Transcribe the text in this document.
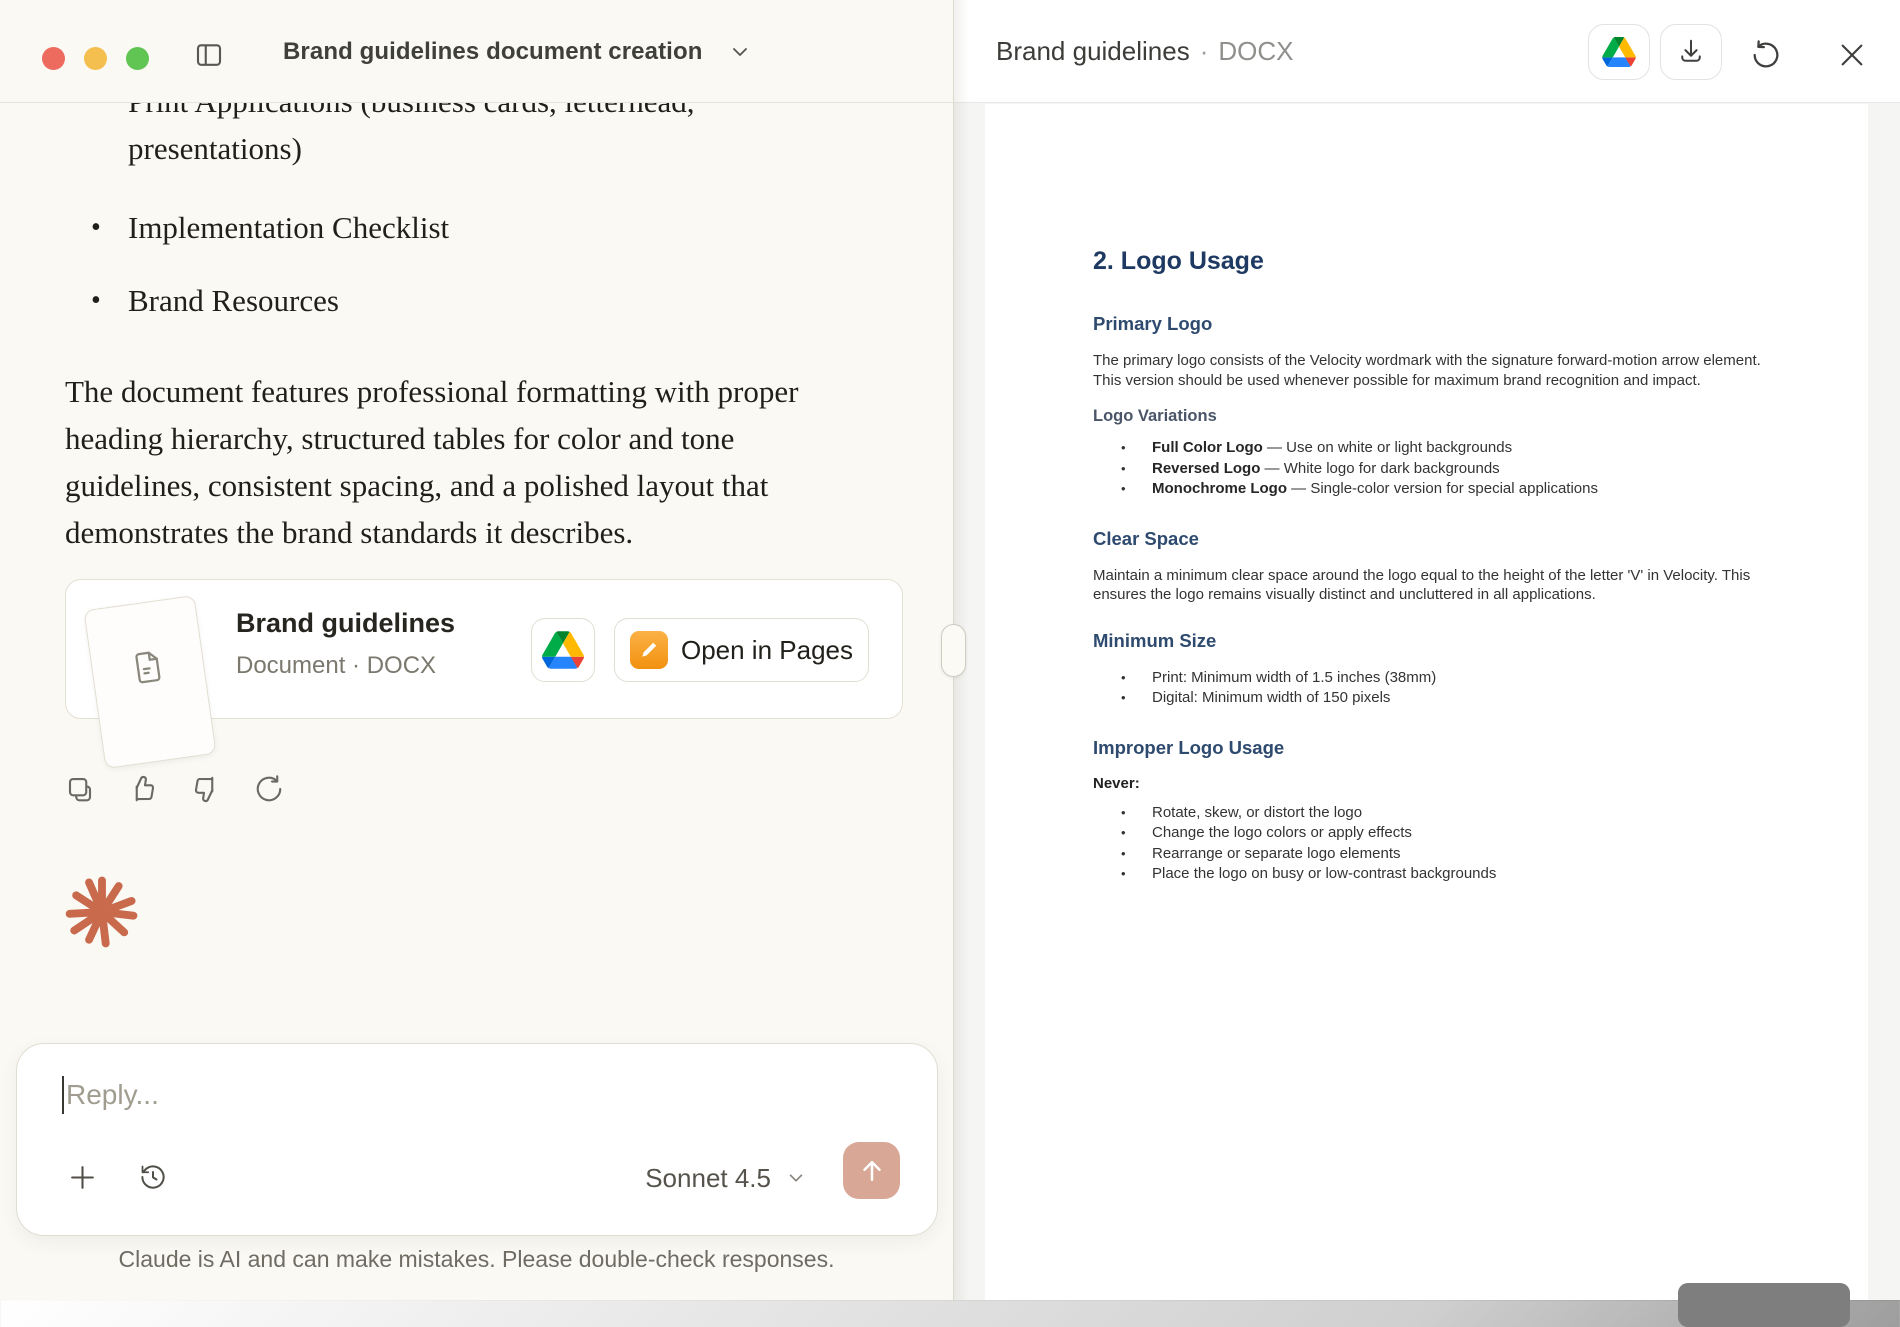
Brand guidelines document creation

presentations)
• Implementation Checklist
• Brand Resources

The document features professional formatting with proper heading hierarchy, structured tables for color and tone guidelines, consistent spacing, and a polished layout that demonstrates the brand standards it describes.

Brand guidelines
Document · DOCX
Open in Pages
Reply...
Sonnet 4.5
Claude is AI and can make mistakes. Please double-check responses.
Brand guidelines · DOCX
2. Logo Usage
Primary Logo

The primary logo consists of the Velocity wordmark with the signature forward-motion arrow element. This version should be used whenever possible for maximum brand recognition and impact.

Logo Variations
• Full Color Logo — Use on white or light backgrounds
• Reversed Logo — White logo for dark backgrounds
• Monochrome Logo — Single-color version for special applications
Clear Space

Maintain a minimum clear space around the logo equal to the height of the letter 'V' in Velocity. This ensures the logo remains visually distinct and uncluttered in all applications.

Minimum Size
• Print: Minimum width of 1.5 inches (38mm)
• Digital: Minimum width of 150 pixels
Improper Logo Usage
Never:
• Rotate, skew, or distort the logo
• Change the logo colors or apply effects
• Rearrange or separate logo elements
• Place the logo on busy or low-contrast backgrounds
